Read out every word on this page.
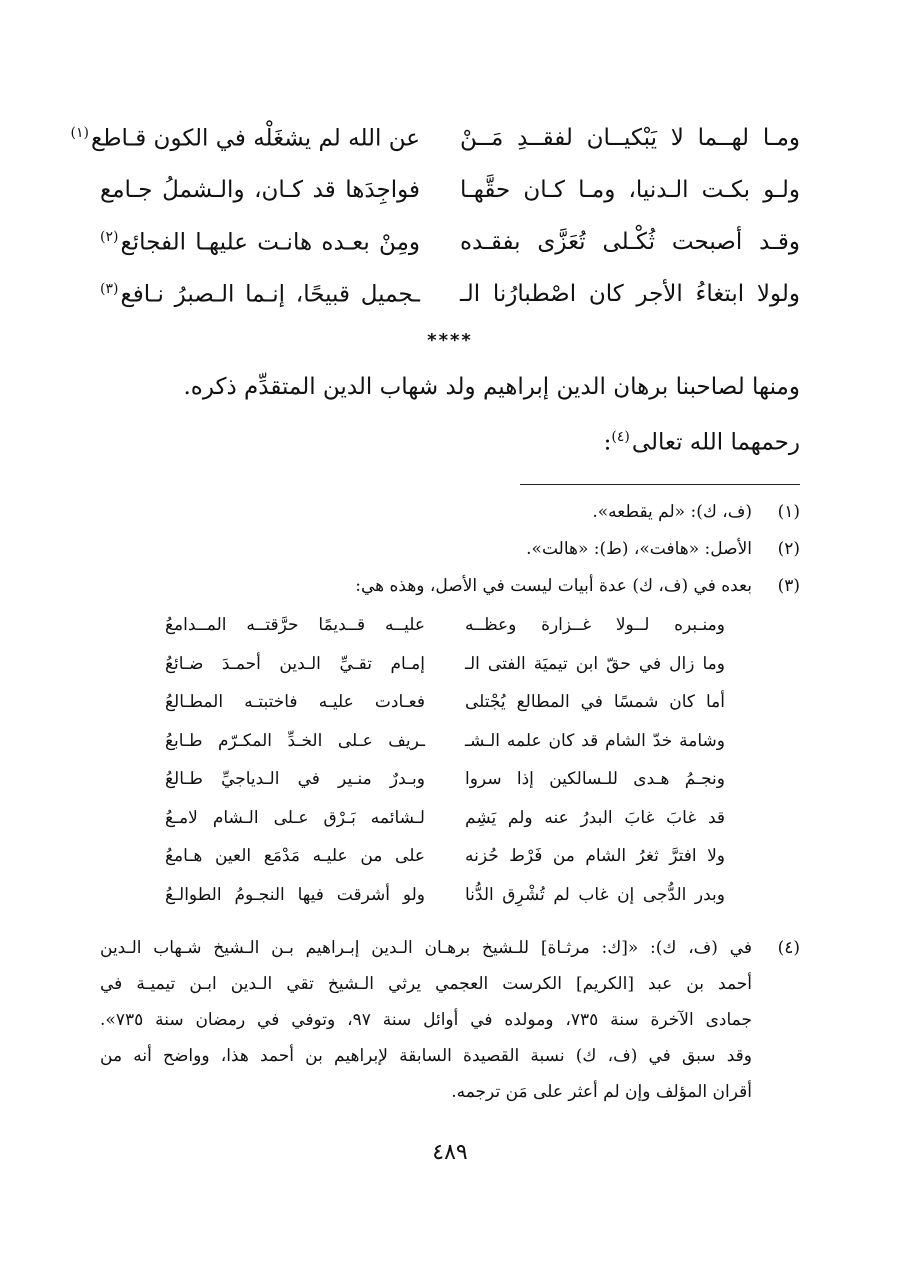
ومـا لهــما لا يَبْكيــان لفقــدِ مَــنْ
عن الله لم يشغَلْه في الكون قـاطع$^{(١)}$
ولـو بكـت الـدنيا، ومـا كـان حقَّهـا
فواجِدَها قد كـان، والـشملُ جـامع
وقـد أصبحت ثُكْـلى تُعَزَّى بفقـده
ومِنْ بعـده هانـت عليهـا الفجائع$^{(٢)}$
ولولا ابتغاءُ الأجر كان اصْطبارُنا الـ
ـجميل قبيحًا، إنـما الـصبرُ نـافع$^{(٣)}$
****

ومنها لصاحبنا برهان الدين إبراهيم ولد شهاب الدين المتقدِّم ذكره.

رحمهما الله تعالى$^{(٤)}$:

(١)
(ف، ك): «لم يقطعه».
(٢)
الأصل: «هافت»، (ط): «هالت».
(٣)
بعده في (ف، ك) عدة أبيات ليست في الأصل، وهذه هي:
ومنـبره لــولا غــزارة وعظــه
عليــه قــديمًا حرَّقتــه المــدامعُ
وما زال في حقّ ابن تيميَة الفتى الـ
إمـام تقـيِّ الـدين أحمـدَ ضـائعُ
أما كان شمسًا في المطالع يُجْتلى
فعـادت عليـه فاختبتـه المطـالعُ
وشامة خدّ الشام قد كان علمه الـشـ
ـريف عـلى الخـدِّ المكـرّم طـابعُ
ونجـمُ هـدى للـسالكين إذا سروا
وبـدرٌ منـير في الـدياجيِّ طـالعُ
قد غابَ غابَ البدرُ عنه ولم يَشِم
لـشائمه بَـرْق عـلى الـشام لامـعُ
ولا افترَّ ثغرُ الشام من فَرْط حُزنه
على من عليـه مَدْمَع العين هـامعُ
وبدر الدُّجى إن غاب لم تُشْرِق الدُّنا
ولو أشرقت فيها النجـومُ الطوالـعُ
(٤)
في (ف، ك): «[ك: مرثـاة] للـشيخ برهـان الـدين إبـراهيم بـن الـشيخ شـهاب الـدين
أحمد بن عبد [الكريم] الكرست العجمي يرثي الـشيخ تقي الـدين ابـن تيميـة في
جمادى الآخرة سنة ٧٣٥، ومولده في أوائل سنة ٩٧، وتوفي في رمضان سنة ٧٣٥».
وقد سبق في (ف، ك) نسبة القصيدة السابقة لإبراهيم بن أحمد هذا، وواضح أنه من
أقران المؤلف وإن لم أعثر على مَن ترجمه.
٤٨٩
